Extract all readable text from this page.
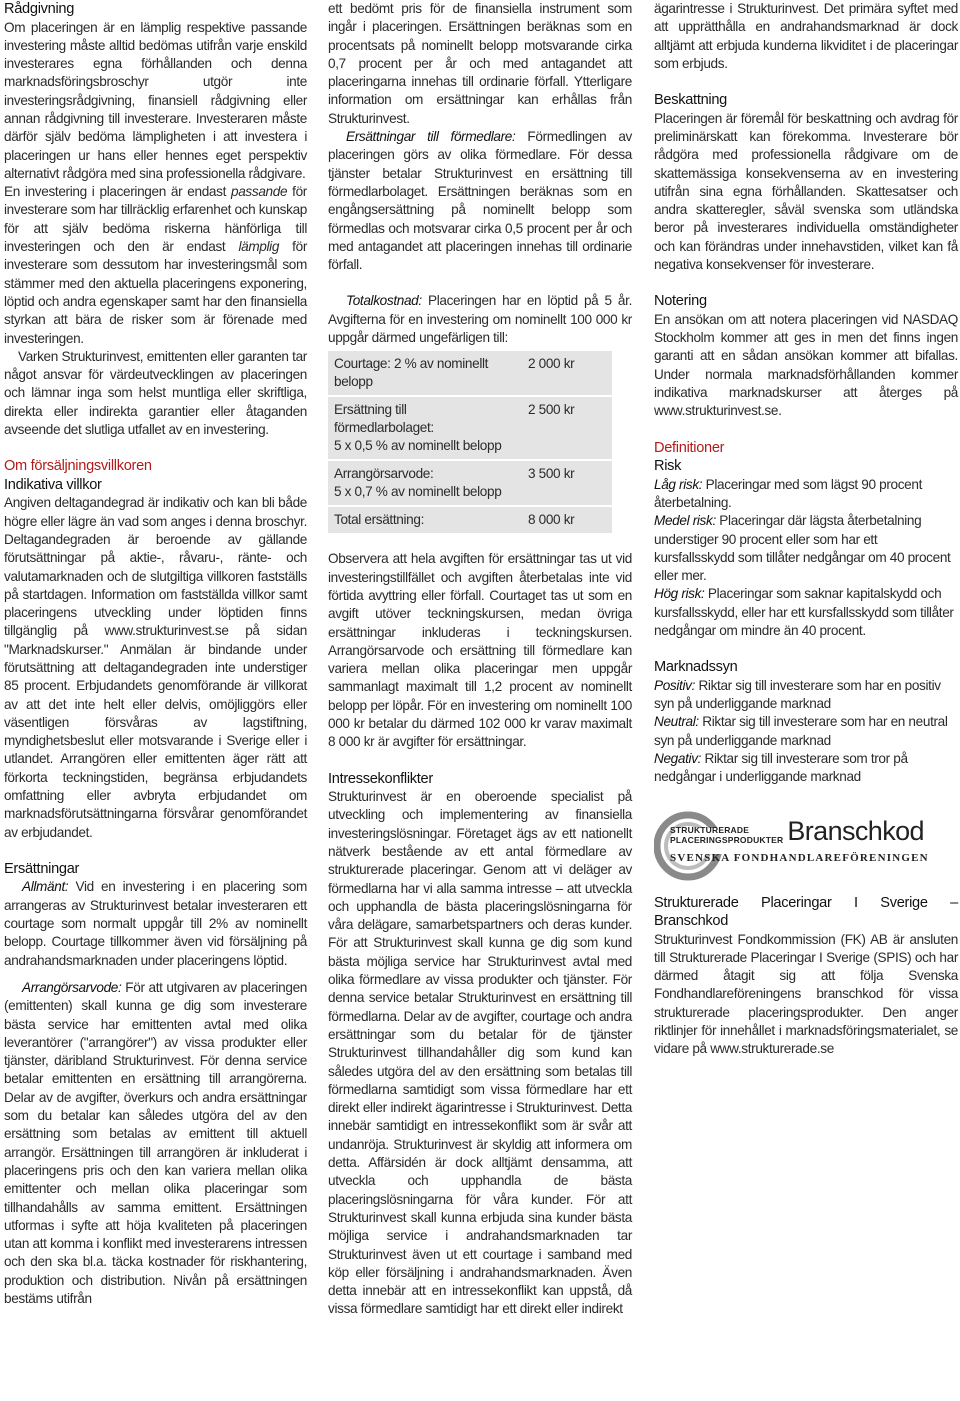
Rådgivning

Om placeringen är en lämplig respektive passande investering måste alltid bedömas utifrån varje enskild investerares egna förhållanden och denna marknadsföringsbroschyr utgör inte investeringsrådgivning, finansiell rådgivning eller annan rådgivning till investerare. Investeraren måste därför själv bedöma lämpligheten i att investera i placeringen ur hans eller hennes eget perspektiv alternativt rådgöra med sina professionella rådgivare.

En investering i placeringen är endast passande för investerare som har tillräcklig erfarenhet och kunskap för att själv bedöma riskerna hänförliga till investeringen och den är endast lämplig för investerare som dessutom har investeringsmål som stämmer med den aktuella placeringens exponering, löptid och andra egenskaper samt har den finansiella styrkan att bära de risker som är förenade med investeringen.

Varken Strukturinvest, emittenten eller garanten tar något ansvar för värdeutvecklingen av placeringen och lämnar inga som helst muntliga eller skriftliga, direkta eller indirekta garantier eller åtaganden avseende det slutliga utfallet av en investering.

Om försäljningsvillkoren
Indikativa villkor

Angiven deltagandegrad är indikativ och kan bli både högre eller lägre än vad som anges i denna broschyr. Deltagandegraden är beroende av gällande förutsättningar på aktie-, råvaru-, ränte- och valutamarknaden och de slutgiltiga villkoren fastställs på startdagen. Information om fastställda villkor samt placeringens utveckling under löptiden finns tillgänglig på www.strukturinvest.se på sidan "Marknadskurser." Anmälan är bindande under förutsättning att deltagandegraden inte understiger 85 procent. Erbjudandets genomförande är villkorat av att det inte helt eller delvis, omöjliggörs eller väsentligen försvåras av lagstiftning, myndighetsbeslut eller motsvarande i Sverige eller i utlandet. Arrangören eller emittenten äger rätt att förkorta teckningstiden, begränsa erbjudandets omfattning eller avbryta erbjudandet om marknadsförutsättningarna försvårar genomförandet av erbjudandet.

Ersättningar

Allmänt: Vid en investering i en placering som arrangeras av Strukturinvest betalar investeraren ett courtage som normalt uppgår till 2% av nominellt belopp. Courtage tillkommer även vid försäljning på andrahandsmarknaden under placeringens löptid.

Arrangörsarvode: För att utgivaren av placeringen (emittenten) skall kunna ge dig som investerare bästa service har emittenten avtal med olika leverantörer ("arrangörer") av vissa produkter eller tjänster, däribland Strukturinvest. För denna service betalar emittenten en ersättning till arrangörerna. Delar av de avgifter, överkurs och andra ersättningar som du betalar kan således utgöra del av den ersättning som betalas av emittent till aktuell arrangör. Ersättningen till arrangören är inkluderat i placeringens pris och den kan variera mellan olika emittenter och mellan olika placeringar som tillhandahålls av samma emittent. Ersättningen utformas i syfte att höja kvaliteten på placeringen utan att komma i konflikt med investerarens intressen och den ska bl.a. täcka kostnader för riskhantering, produktion och distribution. Nivån på ersättningen bestäms utifrån

ett bedömt pris för de finansiella instrument som ingår i placeringen. Ersättningen beräknas som en procentsats på nominellt belopp motsvarande cirka 0,7 procent per år och med antagandet att placeringarna innehas till ordinarie förfall. Ytterligare information om ersättningar kan erhållas från Strukturinvest.

Ersättningar till förmedlare: Förmedlingen av placeringen görs av olika förmedlare. För dessa tjänster betalar Strukturinvest en ersättning till förmedlarbolaget. Ersättningen beräknas som en engångsersättning på nominellt belopp som förmedlas och motsvarar cirka 0,5 procent per år och med antagandet att placeringen innehas till ordinarie förfall.

Totalkostnad: Placeringen har en löptid på 5 år. Avgifterna för en investering om nominellt 100 000 kr uppgår därmed ungefärligen till:

Courtage: 2 % av nominellt
belopp	2 000 kr

Ersättning till förmedlarbolaget:
5 x 0,5 % av nominellt belopp	2 500 kr

Arrangörsarvode:
5 x 0,7 % av nominellt belopp	3 500 kr

Total ersättning:	8 000 kr

Observera att hela avgiften för ersättningar tas ut vid investeringstillfället och avgiften återbetalas inte vid förtida avyttring eller förfall. Courtaget tas ut som en avgift utöver teckningskursen, medan övriga ersättningar inkluderas i teckningskursen. Arrangörsarvode och ersättning till förmedlare kan variera mellan olika placeringar men uppgår sammanlagt maximalt till 1,2 procent av nominellt belopp per löpår. För en investering om nominellt 100 000 kr betalar du därmed 102 000 kr varav maximalt 8 000 kr är avgifter för ersättningar.

Intressekonflikter

Strukturinvest är en oberoende specialist på utveckling och implementering av finansiella investeringslösningar. Företaget ägs av ett nationellt nätverk bestående av ett antal förmedlare av strukturerade placeringar. Genom att vi deläger av förmedlarna har vi alla samma intresse – att utveckla och upphandla de bästa placeringslösningarna för våra delägare, samarbetspartners och deras kunder. För att Strukturinvest skall kunna ge dig som kund bästa möjliga service har Strukturinvest avtal med olika förmedlare av vissa produkter och tjänster. För denna service betalar Strukturinvest en ersättning till förmedlarna. Delar av de avgifter, courtage och andra ersättningar som du betalar för de tjänster Strukturinvest tillhandahåller dig som kund kan således utgöra del av den ersättning som betalas till förmedlarna samtidigt som vissa förmedlare har ett direkt eller indirekt ägarintresse i Strukturinvest. Detta innebär samtidigt en intressekonflikt som är svår att undanröja. Strukturinvest är skyldig att informera om detta. Affärsidén är dock alltjämt densamma, att utveckla och upphandla de bästa placeringslösningarna för våra kunder. För att Strukturinvest skall kunna erbjuda sina kunder bästa möjliga service i andrahandsmarknaden tar Strukturinvest även ut ett courtage i samband med köp eller försäljning i andrahandsmarknaden. Även detta innebär att en intressekonflikt kan uppstå, då vissa förmedlare samtidigt har ett direkt eller indirekt

ägarintresse i Strukturinvest. Det primära syftet med att upprätthålla en andrahandsmarknad är dock alltjämt att erbjuda kunderna likviditet i de placeringar som erbjuds.

Beskattning

Placeringen är föremål för beskattning och avdrag för preliminärskatt kan förekomma. Investerare bör rådgöra med professionella rådgivare om de skattemässiga konsekvenserna av en investering utifrån sina egna förhållanden. Skattesatser och andra skatteregler, såväl svenska som utländska beror på investerares individuella omständigheter och kan förändras under innehavstiden, vilket kan få negativa konsekvenser för investerare.

Notering

En ansökan om att notera placeringen vid NASDAQ Stockholm kommer att ges in men det finns ingen garanti att en sådan ansökan kommer att bifallas. Under normala marknadsförhållanden kommer indikativa marknadskurser att återges på www.strukturinvest.se.

Definitioner
Risk

Låg risk: Placeringar med som lägst 90 procent återbetalning.

Medel risk: Placeringar där lägsta återbetalning understiger 90 procent eller som har ett kursfallsskydd som tillåter nedgångar om 40 procent eller mer.

Hög risk: Placeringar som saknar kapitalskydd och kursfallsskydd, eller har ett kursfallsskydd som tillåter nedgångar om mindre än 40 procent.

Marknadssyn

Positiv: Riktar sig till investerare som har en positiv syn på underliggande marknad

Neutral: Riktar sig till investerare som har en neutral syn på underliggande marknad

Negativ: Riktar sig till investerare som tror på nedgångar i underliggande marknad

STRUKTURERADE
PLACERINGSPRODUKTER Branschkod
SVENSKA FONDHANDLAREFÖRENINGEN
Strukturerade Placeringar I Sverige – Branschkod

Strukturinvest Fondkommission (FK) AB är ansluten till Strukturerade Placeringar I Sverige (SPIS) och har därmed åtagit sig att följa Svenska Fondhandlareföreningens branschkod för vissa strukturerade placeringsprodukter. Den anger riktlinjer för innehållet i marknadsföringsmaterialet, se vidare på www.strukturerade.se
